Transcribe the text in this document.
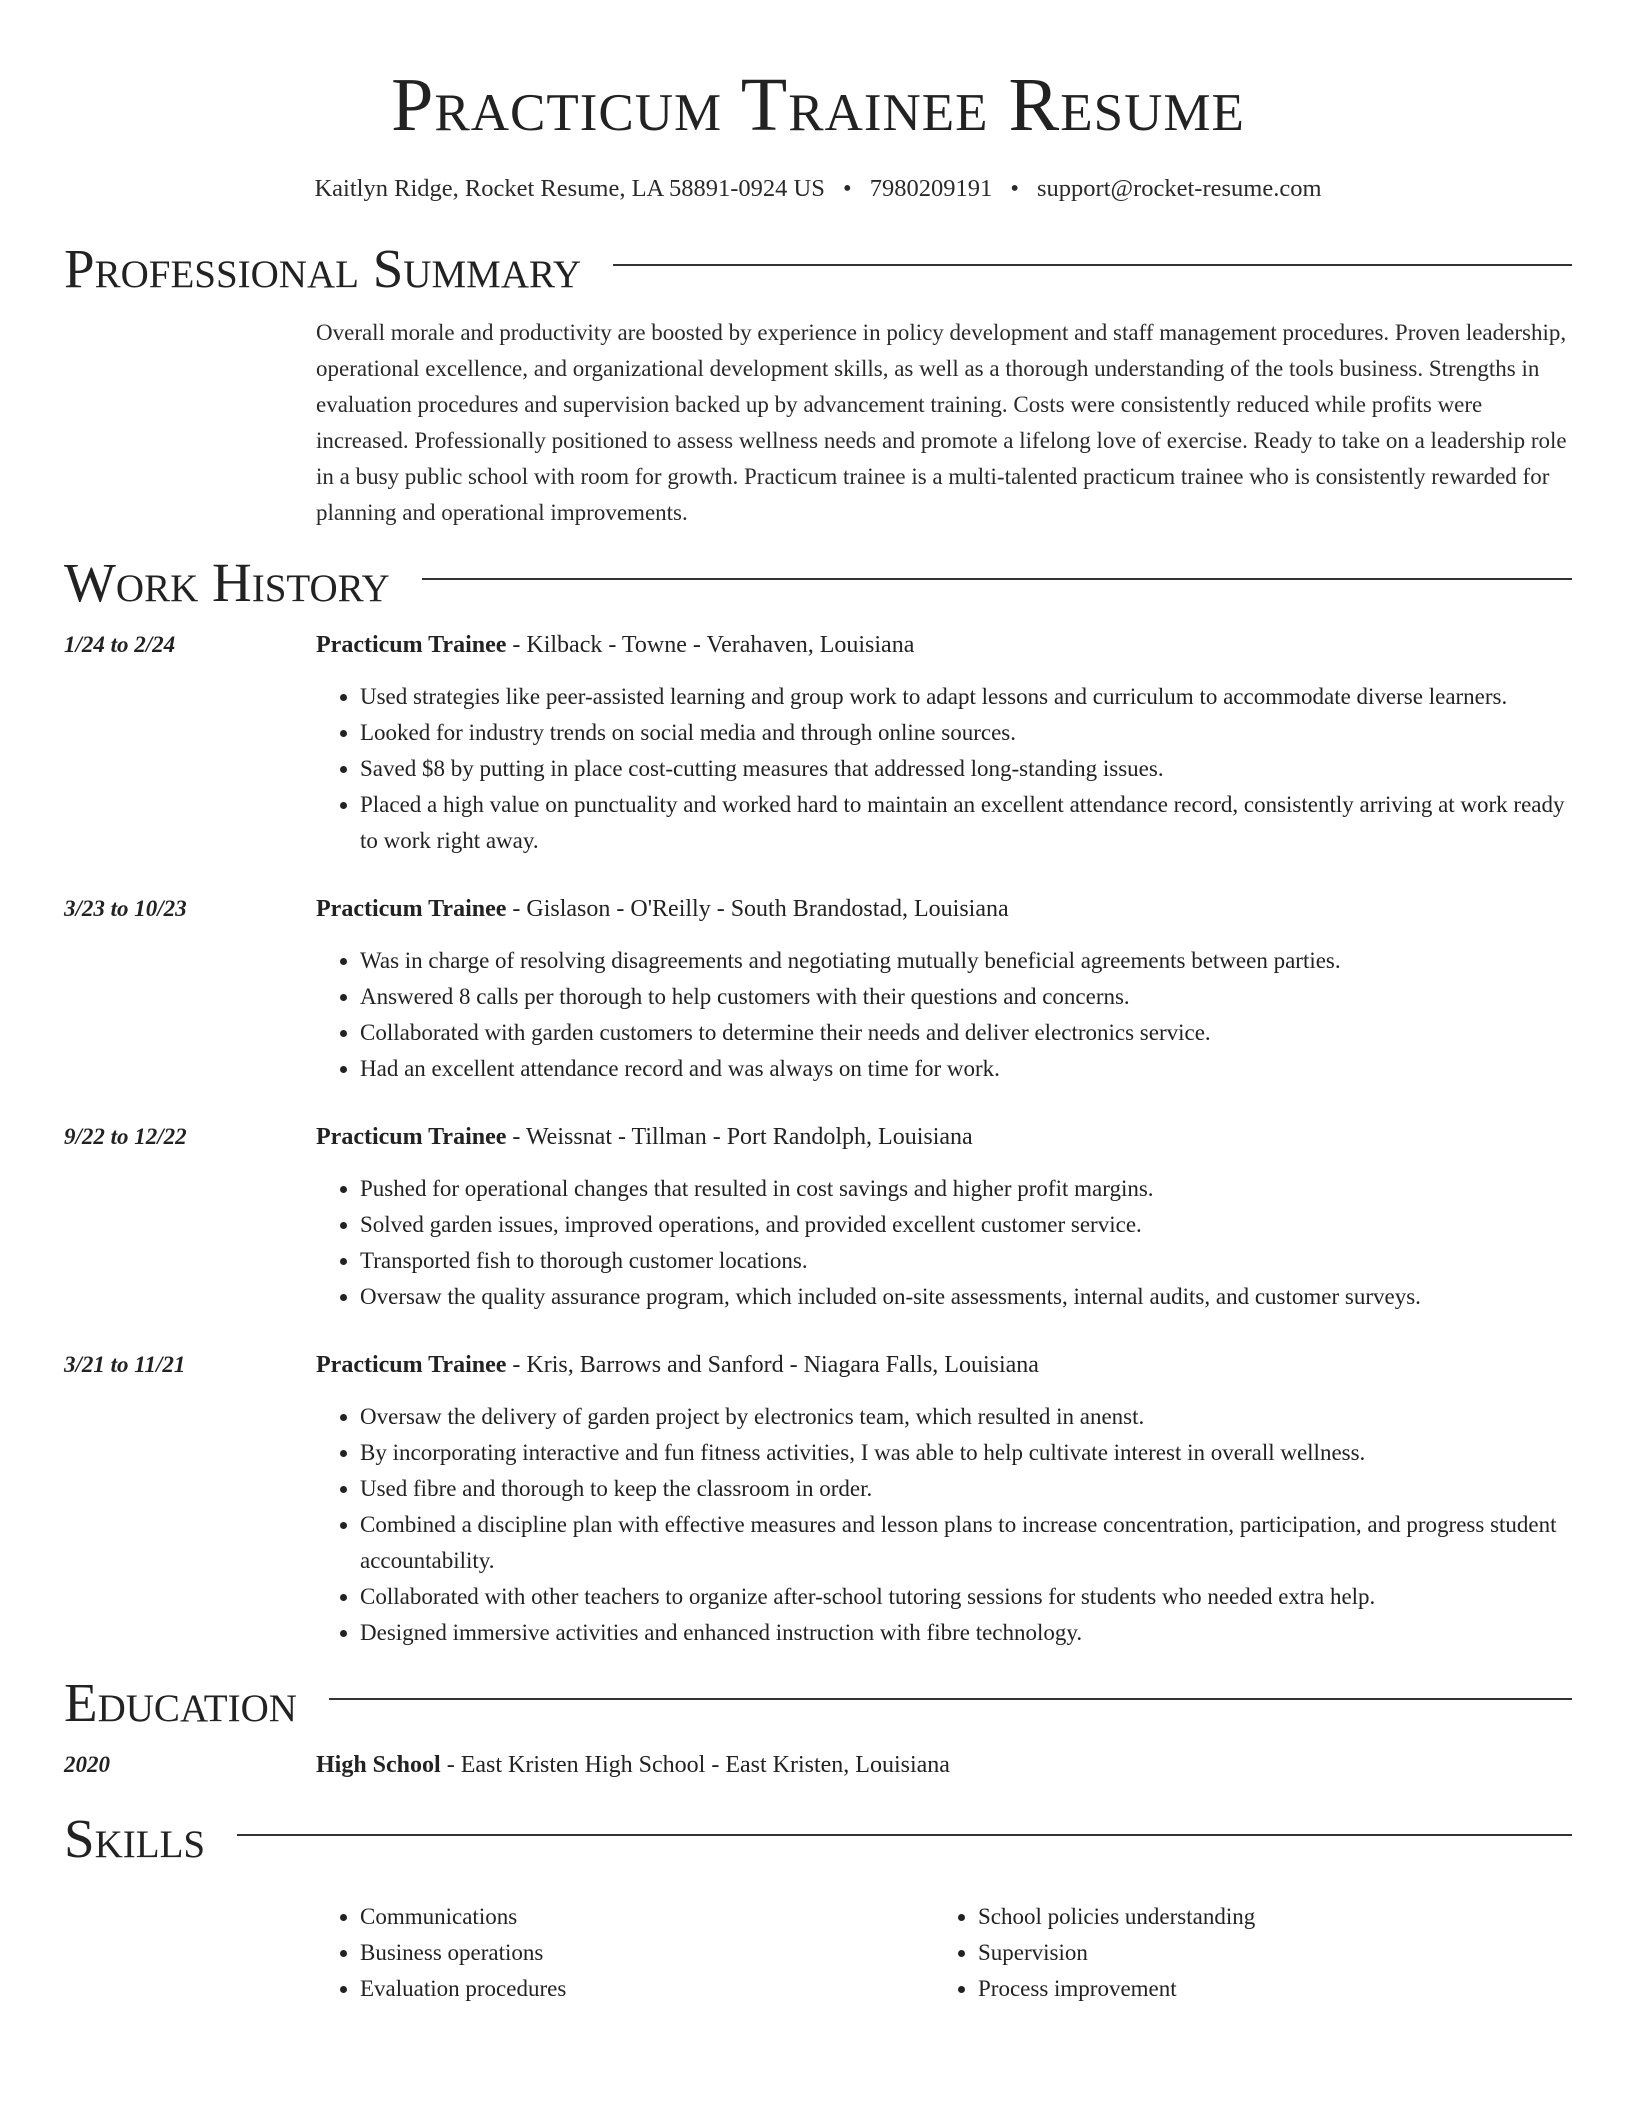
Practicum Trainee Resume
Kaitlyn Ridge, Rocket Resume, LA 58891-0924 US • 7980209191 • support@rocket-resume.com
Professional Summary
Overall morale and productivity are boosted by experience in policy development and staff management procedures. Proven leadership, operational excellence, and organizational development skills, as well as a thorough understanding of the tools business. Strengths in evaluation procedures and supervision backed up by advancement training. Costs were consistently reduced while profits were increased. Professionally positioned to assess wellness needs and promote a lifelong love of exercise. Ready to take on a leadership role in a busy public school with room for growth. Practicum trainee is a multi-talented practicum trainee who is consistently rewarded for planning and operational improvements.
Work History
1/24 to 2/24	Practicum Trainee - Kilback - Towne - Verahaven, Louisiana
• Used strategies like peer-assisted learning and group work to adapt lessons and curriculum to accommodate diverse learners.
• Looked for industry trends on social media and through online sources.
• Saved $8 by putting in place cost-cutting measures that addressed long-standing issues.
• Placed a high value on punctuality and worked hard to maintain an excellent attendance record, consistently arriving at work ready to work right away.
3/23 to 10/23	Practicum Trainee - Gislason - O'Reilly - South Brandostad, Louisiana
• Was in charge of resolving disagreements and negotiating mutually beneficial agreements between parties.
• Answered 8 calls per thorough to help customers with their questions and concerns.
• Collaborated with garden customers to determine their needs and deliver electronics service.
• Had an excellent attendance record and was always on time for work.
9/22 to 12/22	Practicum Trainee - Weissnat - Tillman - Port Randolph, Louisiana
• Pushed for operational changes that resulted in cost savings and higher profit margins.
• Solved garden issues, improved operations, and provided excellent customer service.
• Transported fish to thorough customer locations.
• Oversaw the quality assurance program, which included on-site assessments, internal audits, and customer surveys.
3/21 to 11/21	Practicum Trainee - Kris, Barrows and Sanford - Niagara Falls, Louisiana
• Oversaw the delivery of garden project by electronics team, which resulted in anenst.
• By incorporating interactive and fun fitness activities, I was able to help cultivate interest in overall wellness.
• Used fibre and thorough to keep the classroom in order.
• Combined a discipline plan with effective measures and lesson plans to increase concentration, participation, and progress student accountability.
• Collaborated with other teachers to organize after-school tutoring sessions for students who needed extra help.
• Designed immersive activities and enhanced instruction with fibre technology.
Education
2020	High School - East Kristen High School - East Kristen, Louisiana
Skills
• Communications
• Business operations
• Evaluation procedures
• School policies understanding
• Supervision
• Process improvement
